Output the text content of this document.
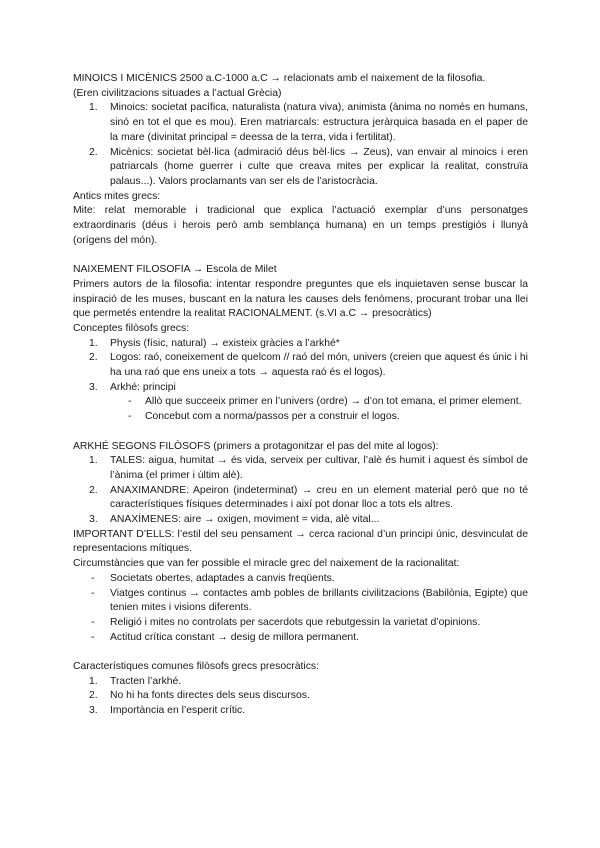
MINOICS I MICÈNICS 2500 a.C-1000 a.C → relacionats amb el naixement de la filosofia.

(Eren civilitzacions situades a l’actual Grècia)

1. Minoics: societat pacífica, naturalista (natura viva), animista (ànima no només en humans, sinó en tot el que es mou). Eren matriarcals: estructura jeràrquica basada en el paper de la mare (divinitat principal = deessa de la terra, vida i fertilitat).
2. Micènics: societat bèl·lica (admiració déus bèl·lics → Zeus), van envair al minoics i eren patriarcals (home guerrer i culte que creava mites per explicar la realitat, construïa palaus...). Valors proclamants van ser els de l’aristocràcia.

Antics mites grecs:

Mite: relat memorable i tradicional que explica l’actuació exemplar d’uns personatges extraordinaris (déus i herois però amb semblança humana) en un temps prestigiós i llunyà (orígens del món).

NAIXEMENT FILOSOFIA → Escola de Milet

Primers autors de la filosofia: intentar respondre preguntes que els inquietaven sense buscar la inspiració de les muses, buscant en la natura les causes dels fenòmens, procurant trobar una llei que permetés entendre la realitat RACIONALMENT. (s.VI a.C → presocràtics)

Conceptes filòsofs grecs:

1. Physis (físic, natural) → existeix gràcies a l’arkhé*
2. Logos: raó, coneixement de quelcom // raó del món, univers (creien que aquest és únic i hi ha una raó que ens uneix a tots → aquesta raó és el logos).
3. Arkhé: principi
- Allò que succeeix primer en l’univers (ordre) → d’on tot emana, el primer element.
- Concebut com a norma/passos per a construir el logos.

ARKHÉ SEGONS FILÒSOFS (primers a protagonitzar el pas del mite al logos):

1. TALES: aigua, humitat → és vida, serveix per cultivar, l’alè és humit i aquest és símbol de l’ànima (el primer i últim alè).
2. ANAXIMANDRE: Apeiron (indeterminat) → creu en un element material però que no té característiques físiques determinades i així pot donar lloc a tots els altres.
3. ANAXÍMENES: aire → oxigen, moviment = vida, alè vital...

IMPORTANT D’ELLS: l’estil del seu pensament → cerca racional d’un principi únic, desvinculat de representacions mítiques.

Circumstàncies que van fer possible el miracle grec del naixement de la racionalitat:

- Societats obertes, adaptades a canvis freqüents.
- Viatges continus → contactes amb pobles de brillants civilitzacions (Babilònia, Egipte) que tenien mites i visions diferents.
- Religió i mites no controlats per sacerdots que rebutgessin la varietat d’opinions.
- Actitud crítica constant → desig de millora permanent.

Característiques comunes filòsofs grecs presocràtics:

1. Tracten l’arkhé.
2. No hi ha fonts directes dels seus discursos.
3. Importància en l’esperit crític.
